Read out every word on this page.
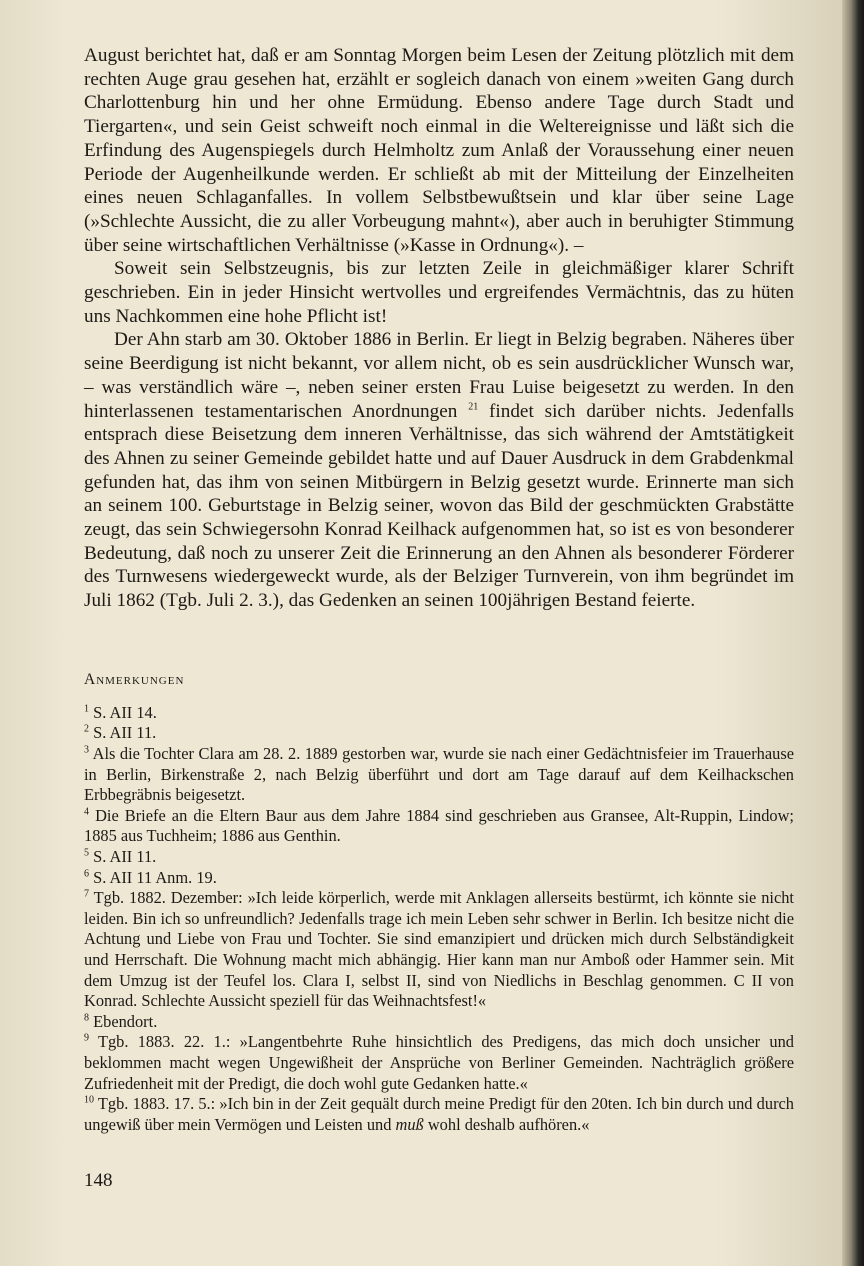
August berichtet hat, daß er am Sonntag Morgen beim Lesen der Zeitung plötzlich mit dem rechten Auge grau gesehen hat, erzählt er sogleich danach von einem »weiten Gang durch Charlottenburg hin und her ohne Ermüdung. Ebenso andere Tage durch Stadt und Tiergarten«, und sein Geist schweift noch einmal in die Weltereignisse und läßt sich die Erfindung des Augenspiegels durch Helmholtz zum Anlaß der Voraussehung einer neuen Periode der Augenheilkunde werden. Er schließt ab mit der Mitteilung der Einzelheiten eines neuen Schlaganfalles. In vollem Selbstbewußtsein und klar über seine Lage (»Schlechte Aussicht, die zu aller Vorbeugung mahnt«), aber auch in beruhigter Stimmung über seine wirtschaftlichen Verhältnisse (»Kasse in Ordnung«). –

Soweit sein Selbstzeugnis, bis zur letzten Zeile in gleichmäßiger klarer Schrift geschrieben. Ein in jeder Hinsicht wertvolles und ergreifendes Vermächtnis, das zu hüten uns Nachkommen eine hohe Pflicht ist!

Der Ahn starb am 30. Oktober 1886 in Berlin. Er liegt in Belzig begraben. Näheres über seine Beerdigung ist nicht bekannt, vor allem nicht, ob es sein ausdrücklicher Wunsch war, – was verständlich wäre –, neben seiner ersten Frau Luise beigesetzt zu werden. In den hinterlassenen testamentarischen Anordnungen $^{21}$ findet sich darüber nichts. Jedenfalls entsprach diese Beisetzung dem inneren Verhältnisse, das sich während der Amtstätigkeit des Ahnen zu seiner Gemeinde gebildet hatte und auf Dauer Ausdruck in dem Grabdenkmal gefunden hat, das ihm von seinen Mitbürgern in Belzig gesetzt wurde. Erinnerte man sich an seinem 100. Geburtstage in Belzig seiner, wovon das Bild der geschmückten Grabstätte zeugt, das sein Schwiegersohn Konrad Keilhack aufgenommen hat, so ist es von besonderer Bedeutung, daß noch zu unserer Zeit die Erinnerung an den Ahnen als besonderer Förderer des Turnwesens wiedergeweckt wurde, als der Belziger Turnverein, von ihm begründet im Juli 1862 (Tgb. Juli 2. 3.), das Gedenken an seinen 100jährigen Bestand feierte.

Anmerkungen

$^1$ S. AII 14.

$^2$ S. AII 11.

$^3$ Als die Tochter Clara am 28. 2. 1889 gestorben war, wurde sie nach einer Gedächtnisfeier im Trauerhause in Berlin, Birkenstraße 2, nach Belzig überführt und dort am Tage darauf auf dem Keilhackschen Erbbegräbnis beigesetzt.

$^4$ Die Briefe an die Eltern Baur aus dem Jahre 1884 sind geschrieben aus Gransee, Alt-Ruppin, Lindow; 1885 aus Tuchheim; 1886 aus Genthin.

$^5$ S. AII 11.

$^6$ S. AII 11 Anm. 19.

$^7$ Tgb. 1882. Dezember: »Ich leide körperlich, werde mit Anklagen allerseits bestürmt, ich könnte sie nicht leiden. Bin ich so unfreundlich? Jedenfalls trage ich mein Leben sehr schwer in Berlin. Ich besitze nicht die Achtung und Liebe von Frau und Tochter. Sie sind emanzipiert und drücken mich durch Selbständigkeit und Herrschaft. Die Wohnung macht mich abhängig. Hier kann man nur Amboß oder Hammer sein. Mit dem Umzug ist der Teufel los. Clara I, selbst II, sind von Niedlichs in Beschlag genommen. C II von Konrad. Schlechte Aussicht speziell für das Weihnachtsfest!«

$^8$ Ebendort.

$^9$ Tgb. 1883. 22. 1.: »Langentbehrte Ruhe hinsichtlich des Predigens, das mich doch unsicher und beklommen macht wegen Ungewißheit der Ansprüche von Berliner Gemeinden. Nachträglich größere Zufriedenheit mit der Predigt, die doch wohl gute Gedanken hatte.«

$^{10}$ Tgb. 1883. 17. 5.: »Ich bin in der Zeit gequält durch meine Predigt für den 20ten. Ich bin durch und durch ungewiß über mein Vermögen und Leisten und muß wohl deshalb aufhören.«

148
